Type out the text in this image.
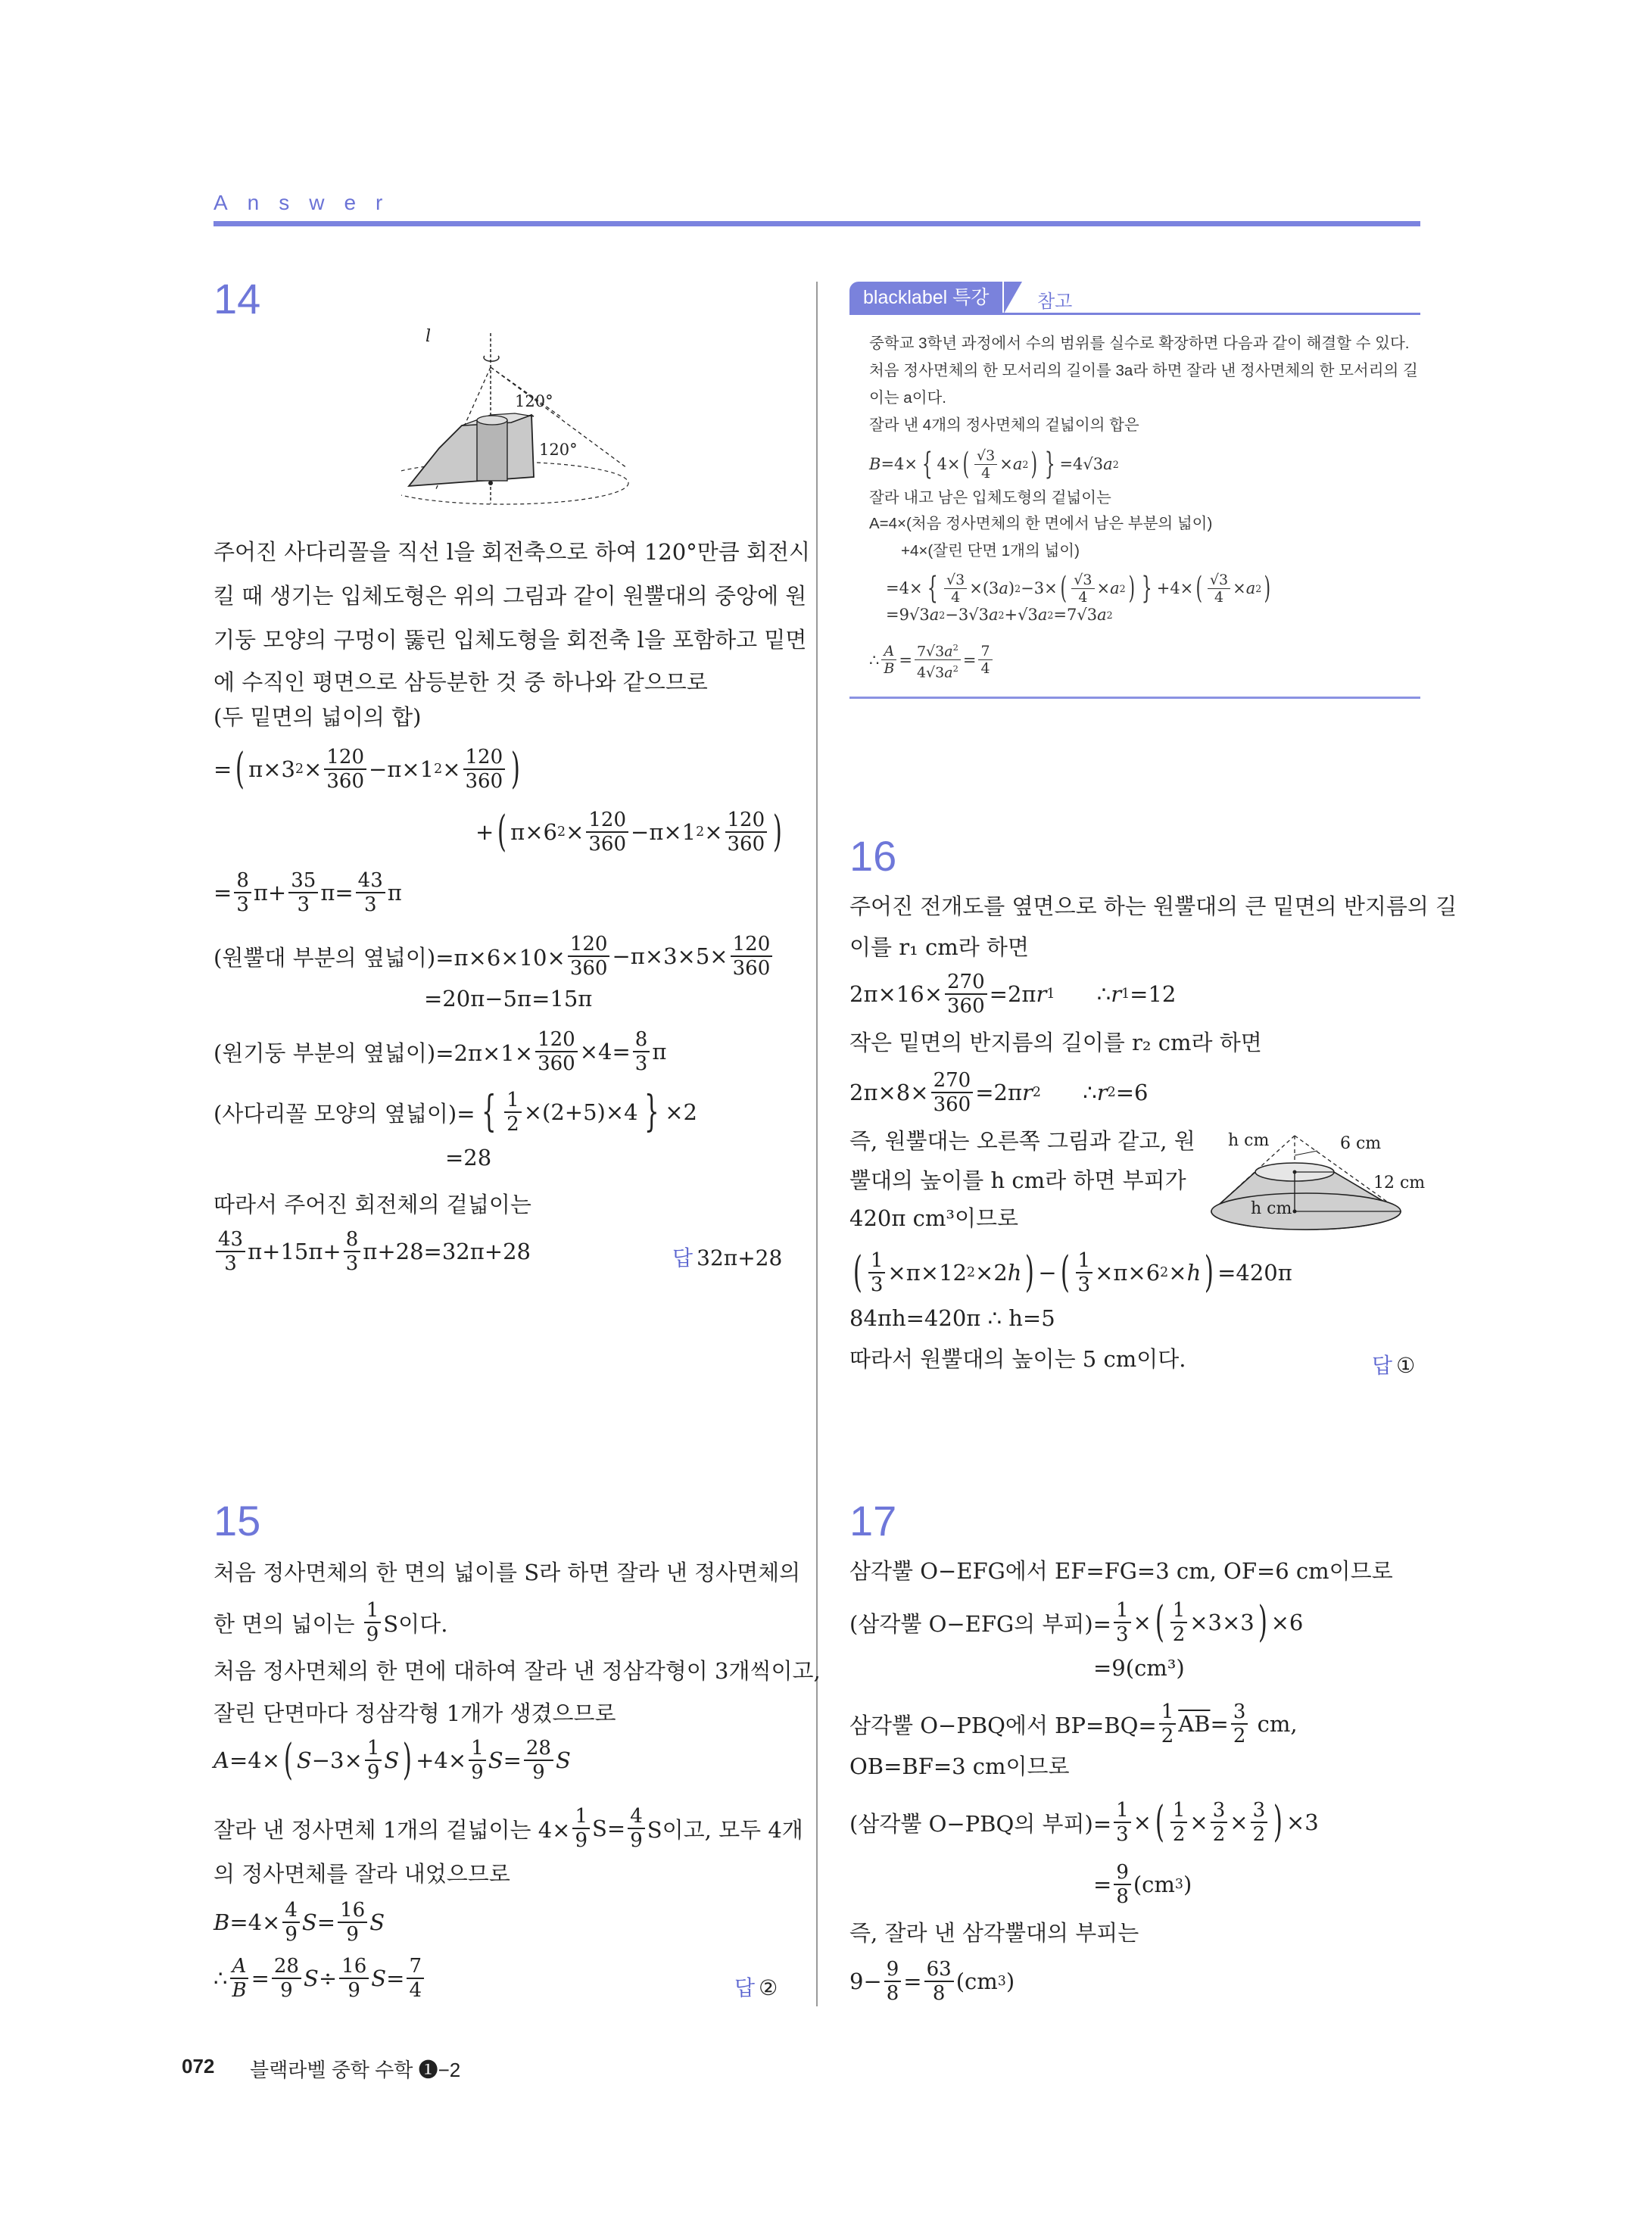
Answer
14
l
120°
120°
주어진 사다리꼴을 직선 l을 회전축으로 하여 120°만큼 회전시
킬 때 생기는 입체도형은 위의 그림과 같이 원뿔대의 중앙에 원
기둥 모양의 구멍이 뚫린 입체도형을 회전축 l을 포함하고 밑면
에 수직인 평면으로 삼등분한 것 중 하나와 같으므로
(두 밑면의 넓이의 합)
= ( π×3 2 × 120
360 −π×1 2 × 120
360 )
+ ( π×6 2 × 120
360 −π×1 2 × 120
360 )
= 8
3 π+ 35
3 π= 43
3 π
(원뿔대 부분의 옆넓이)$=\pi\times 6\times 10\times \frac{120}{360} -\pi\times 3\times 5\times \frac{120}{360}$
=20π−5π=15π
(원기둥 부분의 옆넓이)$=2\pi\times 1\times \frac{120}{360} \times 4= 8$
3 π
(사다리꼴 모양의 옆넓이)= { 1
2 ×(2+5)×4 } ×2
=28
따라서 주어진 회전체의 겉넓이는
43
3 π+15π+ 8
3 π+28=32π+28	답 32π+28
15
처음 정사면체의 한 면의 넓이를 S라 하면 잘라 낸 정사면체의
한 면의 넓이는

1
9 S이다.
처음 정사면체의 한 면에 대하여 잘라 낸 정삼각형이 3개씩이고,
잘린 단면마다 정삼각형 1개가 생겼으므로
A =4× ( S −3× 1
9 S ) +4× 1
9 S = 28
9 S
잘라 낸 정사면체 1개의 겉넓이는 $4\times \frac{1}{9} S= \frac{4}{9}$ S이고, 모두 4개
의 정사면체를 잘라 내었으므로
B =4× 4
9 S = 16
9 S
∴ A
B = 28
9 S ÷ 16
9 S = 7
4	답 ②
blacklabel 특강	참고
중학교 3학년 과정에서 수의 범위를 실수로 확장하면 다음과 같이 해결할 수 있다.
처음 정사면체의 한 모서리의 길이를 3a라 하면 잘라 낸 정사면체의 한 모서리의 길
이는 a이다.
잘라 낸 4개의 정사면체의 겉넓이의 합은
B =4× { 4× ( √3
4 × a 2 ) } =4√3 a 2
잘라 내고 남은 입체도형의 겉넓이는
A=4×(처음 정사면체의 한 면에서 남은 부분의 넓이)
+4×(잘린 단면 1개의 넓이)
=4× { √3
4 ×(3 a ) 2 −3× ( √3
4 × a 2 ) } +4× ( √3
4 × a 2 )
=9√3 a 2 −3√3 a 2 +√3 a 2 =7√3 a 2
∴ A
$B = 7√3a^2$
$4√3a^2 = 7$
4
16
주어진 전개도를 옆면으로 하는 원뿔대의 큰 밑면의 반지름의 길
이를 r₁ cm라 하면
2π×16× 270
360 =2π r 1 ∴ r 1 =12
작은 밑면의 반지름의 길이를 r₂ cm라 하면
2π×8× 270
360 =2π r 2 ∴ r 2 =6
즉, 원뿔대는 오른쪽 그림과 같고, 원
뿔대의 높이를 h cm라 하면 부피가
420π cm³이므로
h cm	6 cm
12 cm
h cm
( 1
3 ×π×12 2 ×2 h ) − ( 1
3 ×π×6 2 × h ) =420π
84πh=420π ∴ h=5
따라서 원뿔대의 높이는 5 cm이다.	답 ①
17
삼각뿔 O−EFG에서 EF=FG=3 cm, OF=6 cm이므로
(삼각뿔 O−EFG의 부피)= $\frac{1}{3}$ × ( 1
2 ×3×3 ) ×6
=9(cm³)
삼각뿔 O−PBQ에서 $BP=BQ= \frac{1}{2} \overline{AB} = 3$
2 cm,
OB=BF=3 cm이므로
(삼각뿔 O−PBQ의 부피)= $\frac{1}{3}$ × ( 1
2 × 3
2 × 3
2 ) ×3
= 9
8 (cm 3 )
즉, 잘라 낸 삼각뿔대의 부피는
9− 9
8 = 63
8 (cm 3 )
072 블랙라벨 중학 수학 ❶−2
